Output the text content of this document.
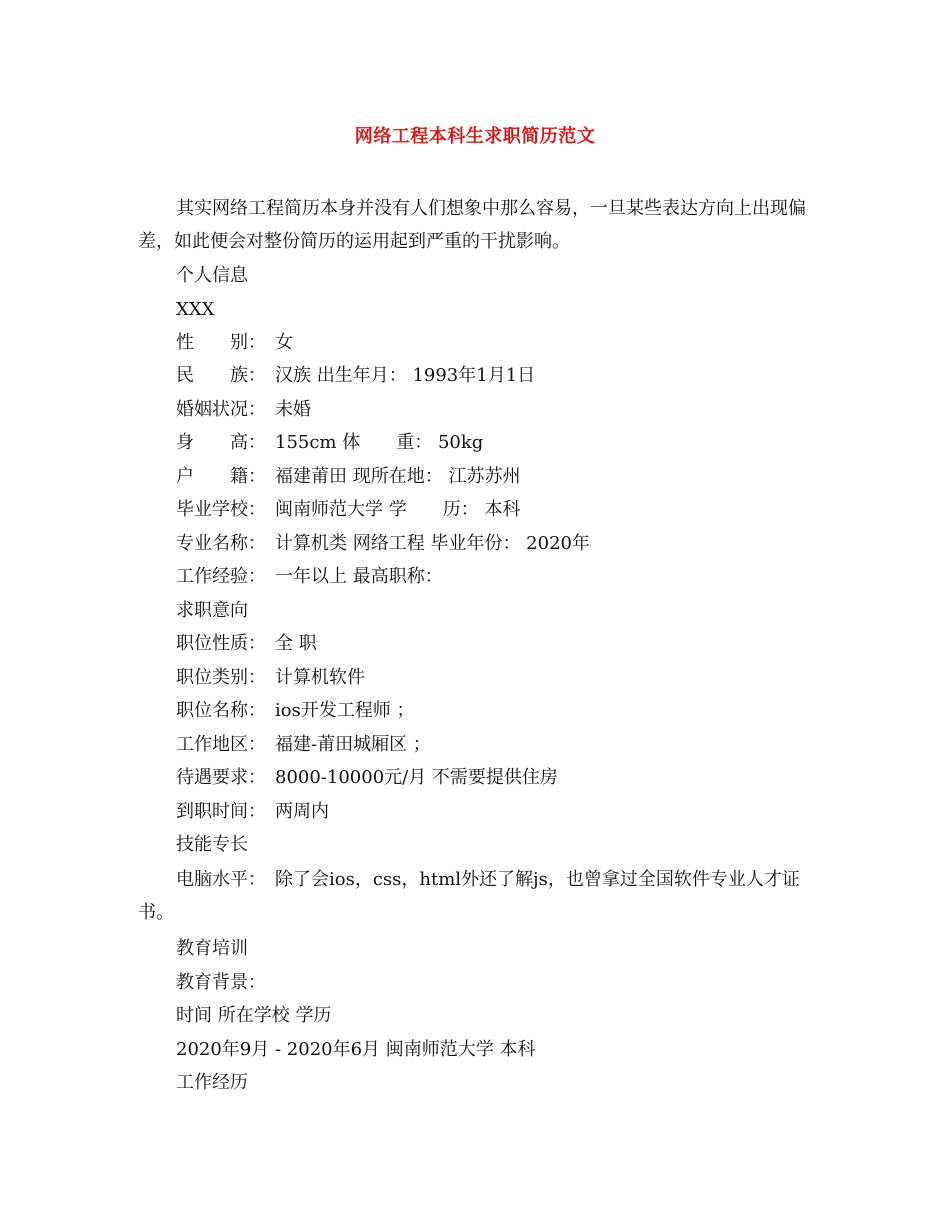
网络工程本科生求职简历范文

其实网络工程简历本身并没有人们想象中那么容易，一旦某些表达方向上出现偏差，如此便会对整份简历的运用起到严重的干扰影响。

个人信息

XXX

性　　别：　女

民　　族：　汉族 出生年月： 1993年1月1日

婚姻状况：　未婚

身　　高：　155cm 体　　重： 50kg

户　　籍：　福建莆田 现所在地： 江苏苏州

毕业学校：　闽南师范大学 学　　历： 本科

专业名称：　计算机类 网络工程 毕业年份： 2020年

工作经验：　一年以上 最高职称：

求职意向

职位性质：　全 职

职位类别：　计算机软件

职位名称：　ios开发工程师 ；

工作地区：　福建-莆田城厢区 ；

待遇要求：　8000-10000元/月 不需要提供住房

到职时间：　两周内

技能专长

电脑水平：　除了会ios，css，html外还了解js，也曾拿过全国软件专业人才证书。

教育培训

教育背景：

时间 所在学校 学历

2020年9月 - 2020年6月 闽南师范大学 本科

工作经历
